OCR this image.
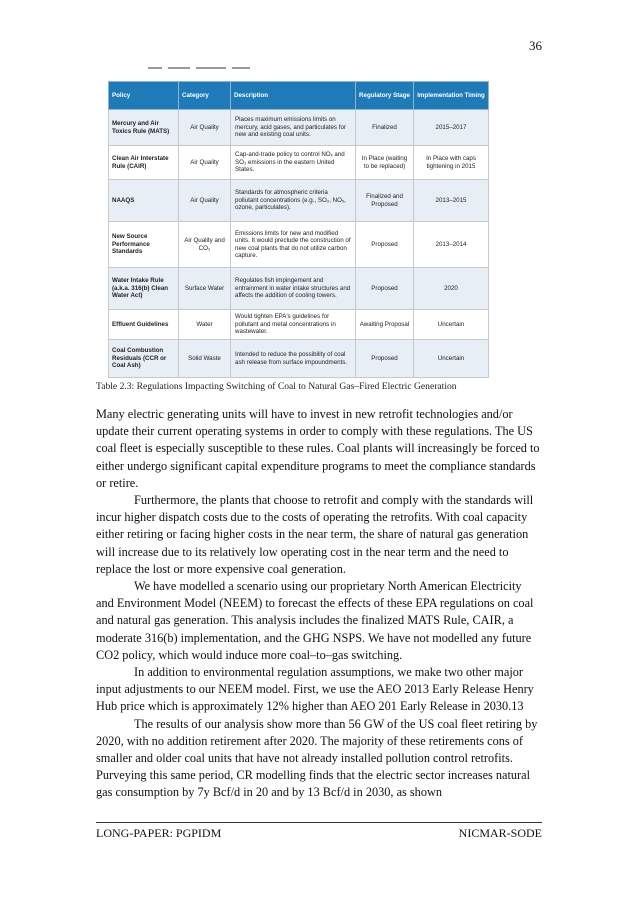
36
Policy	Category	Description	Regulatory Stage	Implementation Timing
Mercury and Air Toxics Rule (MATS)	Air Quality	Places maximum emissions limits on mercury, acid gases, and particulates for new and existing coal units.	Finalized	2015–2017
Clean Air Interstate Rule (CAIR)	Air Quality	Cap-and-trade policy to control NOₓ and SO₂ emissions in the eastern United States.	In Place (waiting to be replaced)	In Place with caps tightening in 2015
NAAQS	Air Quality	Standards for atmospheric criteria pollutant concentrations (e.g., SO₂, NOₓ, ozone, particulates).	Finalized and Proposed	2013–2015
New Source Performance Standards	Air Quality and CO₂	Emissions limits for new and modified units. It would preclude the construction of new coal plants that do not utilize carbon capture.	Proposed	2013–2014
Water Intake Rule (a.k.a. 316(b) Clean Water Act)	Surface Water	Regulates fish impingement and entrainment in water intake structures and affects the addition of cooling towers.	Proposed	2020
Effluent Guidelines	Water	Would tighten EPA's guidelines for pollutant and metal concentrations in wastewater.	Awaiting Proposal	Uncertain
Coal Combustion Residuals (CCR or Coal Ash)	Solid Waste	Intended to reduce the possibility of coal ash release from surface impoundments.	Proposed	Uncertain
Table 2.3: Regulations Impacting Switching of Coal to Natural Gas–Fired Electric Generation

Many electric generating units will have to invest in new retrofit technologies and/or update their current operating systems in order to comply with these regulations. The US coal fleet is especially susceptible to these rules. Coal plants will increasingly be forced to either undergo significant capital expenditure programs to meet the compliance standards or retire.

Furthermore, the plants that choose to retrofit and comply with the standards will incur higher dispatch costs due to the costs of operating the retrofits. With coal capacity either retiring or facing higher costs in the near term, the share of natural gas generation will increase due to its relatively low operating cost in the near term and the need to replace the lost or more expensive coal generation.

We have modelled a scenario using our proprietary North American Electricity and Environment Model (NEEM) to forecast the effects of these EPA regulations on coal and natural gas generation. This analysis includes the finalized MATS Rule, CAIR, a moderate 316(b) implementation, and the GHG NSPS. We have not modelled any future CO2 policy, which would induce more coal–to–gas switching.

In addition to environmental regulation assumptions, we make two other major input adjustments to our NEEM model. First, we use the AEO 2013 Early Release Henry Hub price which is approximately 12% higher than AEO 201 Early Release in 2030.13

The results of our analysis show more than 56 GW of the US coal fleet retiring by 2020, with no addition retirement after 2020. The majority of these retirements cons of smaller and older coal units that have not already installed pollution control retrofits. Purveying this same period, CR modelling finds that the electric sector increases natural gas consumption by 7y Bcf/d in 20 and by 13 Bcf/d in 2030, as shown

LONG-PAPER: PGPIDM	NICMAR-SODE
